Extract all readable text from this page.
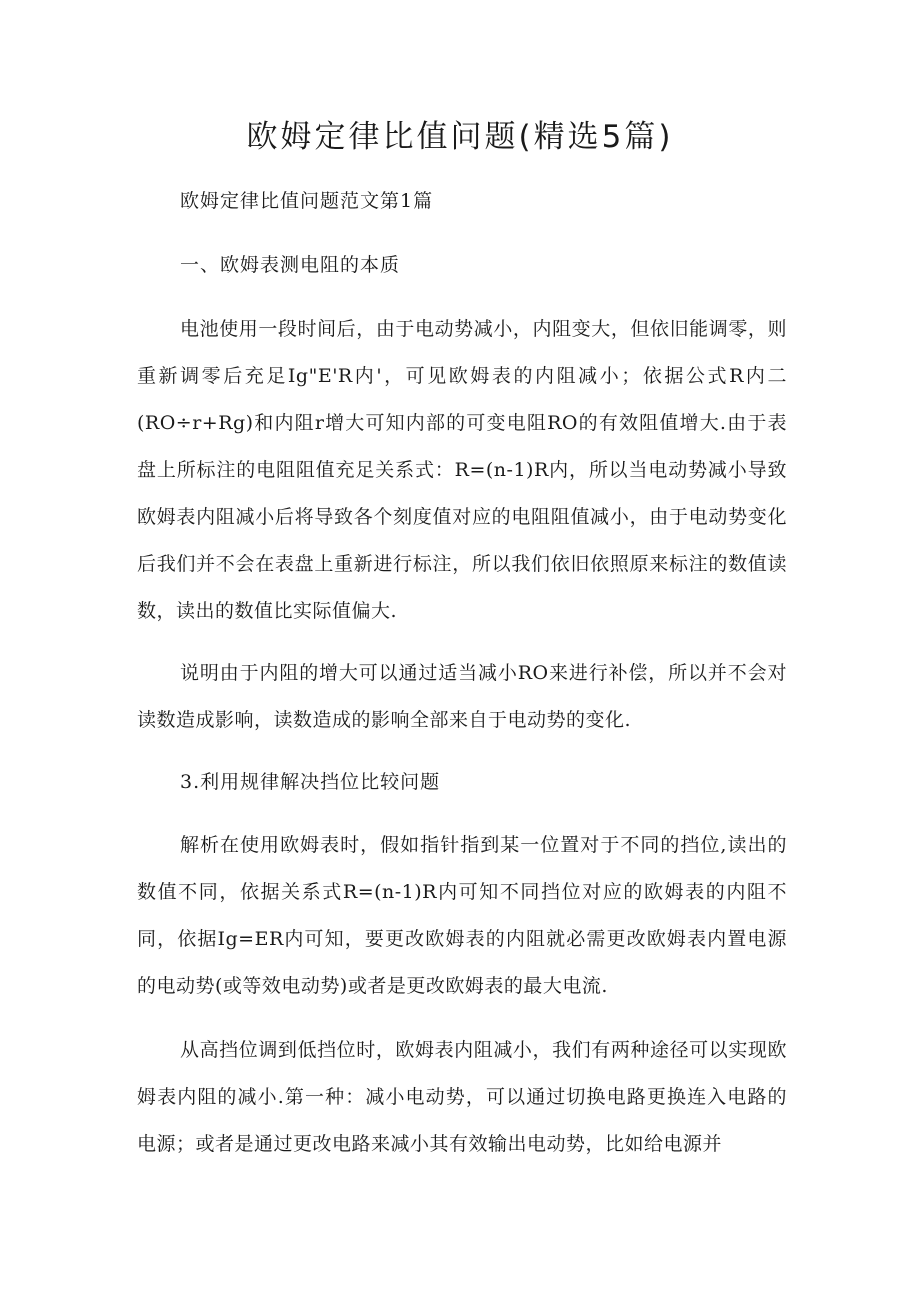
欧姆定律比值问题(精选5篇)

欧姆定律比值问题范文第1篇

一、欧姆表测电阻的本质

电池使用一段时间后，由于电动势减小，内阻变大，但依旧能调零，则重新调零后充足Ig"E'R内'，可见欧姆表的内阻减小；依据公式R内二(RO÷r+Rg)和内阻r增大可知内部的可变电阻RO的有效阻值增大.由于表盘上所标注的电阻阻值充足关系式：R=(n-1)R内，所以当电动势减小导致欧姆表内阻减小后将导致各个刻度值对应的电阻阻值减小，由于电动势变化后我们并不会在表盘上重新进行标注，所以我们依旧依照原来标注的数值读数，读出的数值比实际值偏大.

说明由于内阻的增大可以通过适当减小RO来进行补偿，所以并不会对读数造成影响，读数造成的影响全部来自于电动势的变化.

3.利用规律解决挡位比较问题

解析在使用欧姆表时，假如指针指到某一位置对于不同的挡位,读出的数值不同，依据关系式R=(n-1)R内可知不同挡位对应的欧姆表的内阻不同，依据Ig=ER内可知，要更改欧姆表的内阻就必需更改欧姆表内置电源的电动势(或等效电动势)或者是更改欧姆表的最大电流.

从高挡位调到低挡位时，欧姆表内阻减小，我们有两种途径可以实现欧姆表内阻的减小.第一种：减小电动势，可以通过切换电路更换连入电路的电源；或者是通过更改电路来减小其有效输出电动势，比如给电源并
